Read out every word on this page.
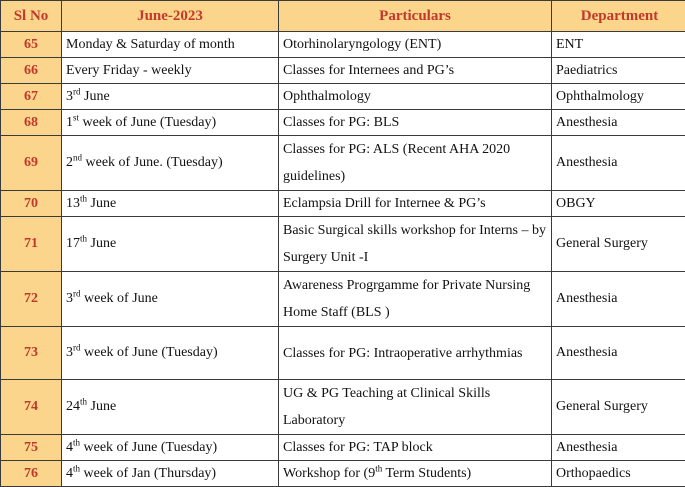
Sl No	June-2023	Particulars	Department
65	Monday & Saturday of month	Otorhinolaryngology (ENT)	ENT
66	Every Friday - weekly	Classes for Internees and PG’s	Paediatrics
67	3rd June	Ophthalmology	Ophthalmology
68	1st week of June (Tuesday)	Classes for PG: BLS	Anesthesia
69	2nd week of June. (Tuesday)	Classes for PG: ALS (Recent AHA 2020 guidelines)	Anesthesia
70	13th June	Eclampsia Drill for Internee & PG’s	OBGY
71	17th June	Basic Surgical skills workshop for Interns – by Surgery Unit -I	General Surgery
72	3rd week of June	Awareness Progrgamme for Private Nursing Home Staff (BLS )	Anesthesia
73	3rd week of June (Tuesday)	Classes for PG: Intraoperative arrhythmias	Anesthesia
74	24th June	UG & PG Teaching at Clinical Skills Laboratory	General Surgery
75	4th week of June (Tuesday)	Classes for PG: TAP block	Anesthesia
76	4th week of Jan (Thursday)	Workshop for (9th Term Students)	Orthopaedics
